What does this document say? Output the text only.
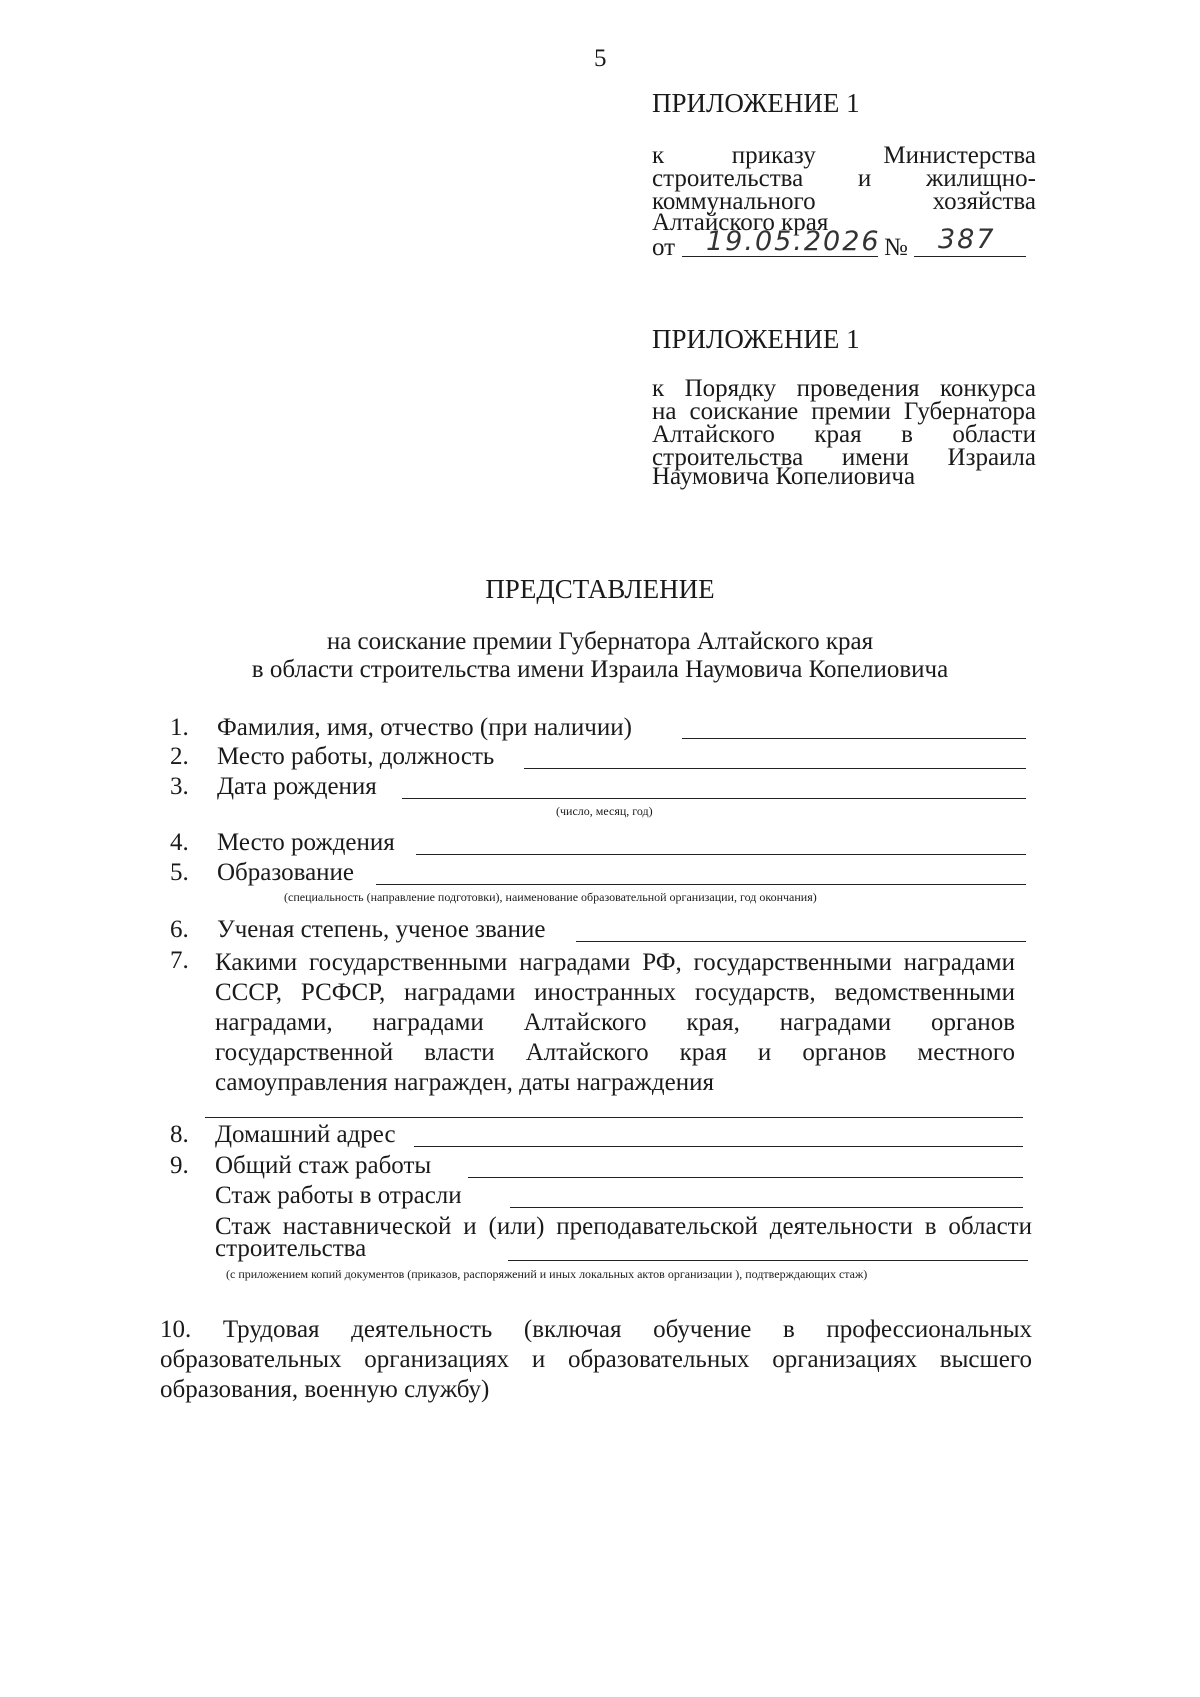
5
ПРИЛОЖЕНИЕ 1
к приказу Министерства
строительства и жилищно-
коммунального хозяйства
Алтайского края
от 19.05.2026 № 387
ПРИЛОЖЕНИЕ 1
к Порядку проведения конкурса
на соискание премии Губернатора
Алтайского края в области
строительства имени Израила
Наумовича Копелиовича
ПРЕДСТАВЛЕНИЕ
на соискание премии Губернатора Алтайского края
в области строительства имени Израила Наумовича Копелиовича
1. Фамилия, имя, отчество (при наличии)
2. Место работы, должность
3. Дата рождения
(число, месяц, год)
4. Место рождения
5. Образование
(специальность (направление подготовки), наименование образовательной организации, год окончания)
6. Ученая степень, ученое звание
7. Какими государственными наградами РФ, государственными наградами СССР, РСФСР, наградами иностранных государств, ведомственными наградами, наградами Алтайского края, наградами органов государственной власти Алтайского края и органов местного самоуправления награжден, даты награждения
8. Домашний адрес
9. Общий стаж работы
Стаж работы в отрасли
Стаж наставнической и (или) преподавательской деятельности в области
строительства
(с приложением копий документов (приказов, распоряжений и иных локальных актов организации ), подтверждающих стаж)
10. Трудовая деятельность (включая обучение в профессиональных образовательных организациях и образовательных организациях высшего образования, военную службу)
